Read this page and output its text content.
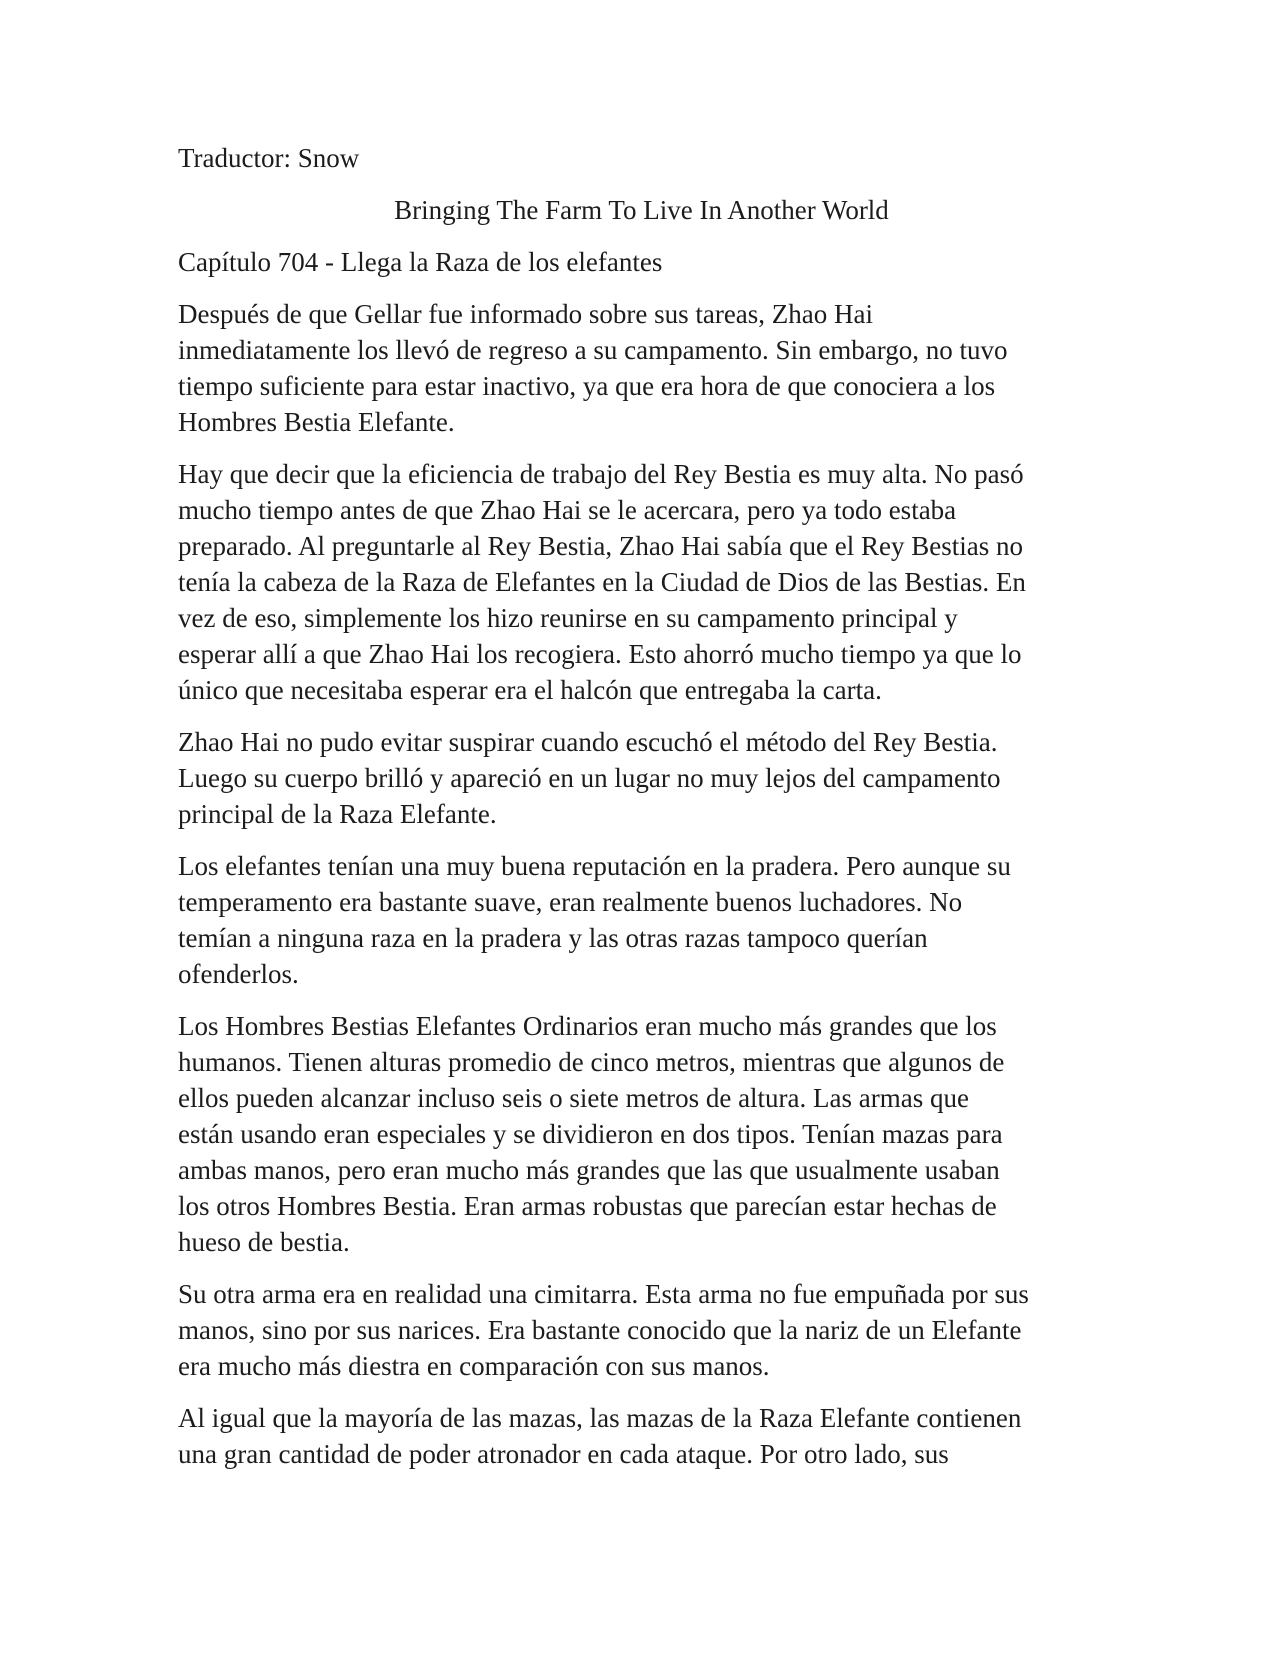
Traductor: Snow
Bringing The Farm To Live In Another World
Capítulo 704 - Llega la Raza de los elefantes
Después de que Gellar fue informado sobre sus tareas, Zhao Hai
inmediatamente los llevó de regreso a su campamento. Sin embargo, no tuvo
tiempo suficiente para estar inactivo, ya que era hora de que conociera a los
Hombres Bestia Elefante.
Hay que decir que la eficiencia de trabajo del Rey Bestia es muy alta. No pasó
mucho tiempo antes de que Zhao Hai se le acercara, pero ya todo estaba
preparado. Al preguntarle al Rey Bestia, Zhao Hai sabía que el Rey Bestias no
tenía la cabeza de la Raza de Elefantes en la Ciudad de Dios de las Bestias. En
vez de eso, simplemente los hizo reunirse en su campamento principal y
esperar allí a que Zhao Hai los recogiera. Esto ahorró mucho tiempo ya que lo
único que necesitaba esperar era el halcón que entregaba la carta.
Zhao Hai no pudo evitar suspirar cuando escuchó el método del Rey Bestia.
Luego su cuerpo brilló y apareció en un lugar no muy lejos del campamento
principal de la Raza Elefante.
Los elefantes tenían una muy buena reputación en la pradera. Pero aunque su
temperamento era bastante suave, eran realmente buenos luchadores. No
temían a ninguna raza en la pradera y las otras razas tampoco querían
ofenderlos.
Los Hombres Bestias Elefantes Ordinarios eran mucho más grandes que los
humanos. Tienen alturas promedio de cinco metros, mientras que algunos de
ellos pueden alcanzar incluso seis o siete metros de altura. Las armas que
están usando eran especiales y se dividieron en dos tipos. Tenían mazas para
ambas manos, pero eran mucho más grandes que las que usualmente usaban
los otros Hombres Bestia. Eran armas robustas que parecían estar hechas de
hueso de bestia.
Su otra arma era en realidad una cimitarra. Esta arma no fue empuñada por sus
manos, sino por sus narices. Era bastante conocido que la nariz de un Elefante
era mucho más diestra en comparación con sus manos.
Al igual que la mayoría de las mazas, las mazas de la Raza Elefante contienen
una gran cantidad de poder atronador en cada ataque. Por otro lado, sus
